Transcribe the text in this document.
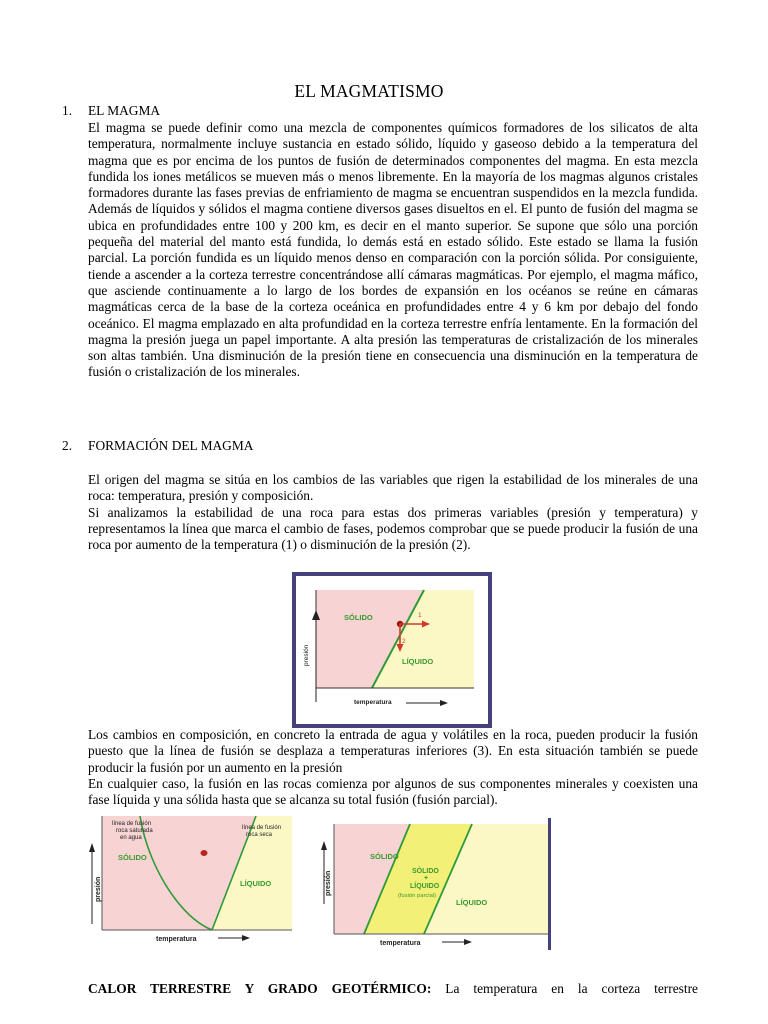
EL MAGMATISMO
1. EL MAGMA
El magma se puede definir como una mezcla de componentes químicos formadores de los silicatos de alta temperatura, normalmente incluye sustancia en estado sólido, líquido y gaseoso debido a la temperatura del magma que es por encima de los puntos de fusión de determinados componentes del magma. En esta mezcla fundida los iones metálicos se mueven más o menos libremente. En la mayoría de los magmas algunos cristales formadores durante las fases previas de enfriamiento de magma se encuentran suspendidos en la mezcla fundida. Además de líquidos y sólidos el magma contiene diversos gases disueltos en el. El punto de fusión del magma se ubica en profundidades entre 100 y 200 km, es decir en el manto superior. Se supone que sólo una porción pequeña del material del manto está fundida, lo demás está en estado sólido. Este estado se llama la fusión parcial. La porción fundida es un líquido menos denso en comparación con la porción sólida. Por consiguiente, tiende a ascender a la corteza terrestre concentrándose allí cámaras magmáticas. Por ejemplo, el magma máfico, que asciende continuamente a lo largo de los bordes de expansión en los océanos se reúne en cámaras magmáticas cerca de la base de la corteza oceánica en profundidades entre 4 y 6 km por debajo del fondo oceánico. El magma emplazado en alta profundidad en la corteza terrestre enfría lentamente. En la formación del magma la presión juega un papel importante. A alta presión las temperaturas de cristalización de los minerales son altas también. Una disminución de la presión tiene en consecuencia una disminución en la temperatura de fusión o cristalización de los minerales.
2. FORMACIÓN DEL MAGMA

El origen del magma se sitúa en los cambios de las variables que rigen la estabilidad de los minerales de una roca: temperatura, presión y composición.

Si analizamos la estabilidad de una roca para estas dos primeras variables (presión y temperatura) y representamos la línea que marca el cambio de fases, podemos comprobar que se puede producir la fusión de una roca por aumento de la temperatura (1) o disminución de la presión (2).

presión
temperatura
SÓLIDO
LÍQUIDO
1
2

Los cambios en composición, en concreto la entrada de agua y volátiles en la roca, pueden producir la fusión puesto que la línea de fusión se desplaza a temperaturas inferiores (3). En esta situación también se puede producir la fusión por un aumento en la presión

En cualquier caso, la fusión en las rocas comienza por algunos de sus componentes minerales y coexisten una fase líquida y una sólida hasta que se alcanza su total fusión (fusión parcial).

presión
temperatura
línea de fusión
roca saturada
en agua
línea de fusión
roca seca
SÓLIDO
LÍQUIDO	presión
temperatura
SÓLIDO
SÓLIDO
+
LÍQUIDO
(fusión parcial)
LÍQUIDO
CALOR TERRESTRE Y GRADO GEOTÉRMICO: La temperatura en la corteza terrestre
